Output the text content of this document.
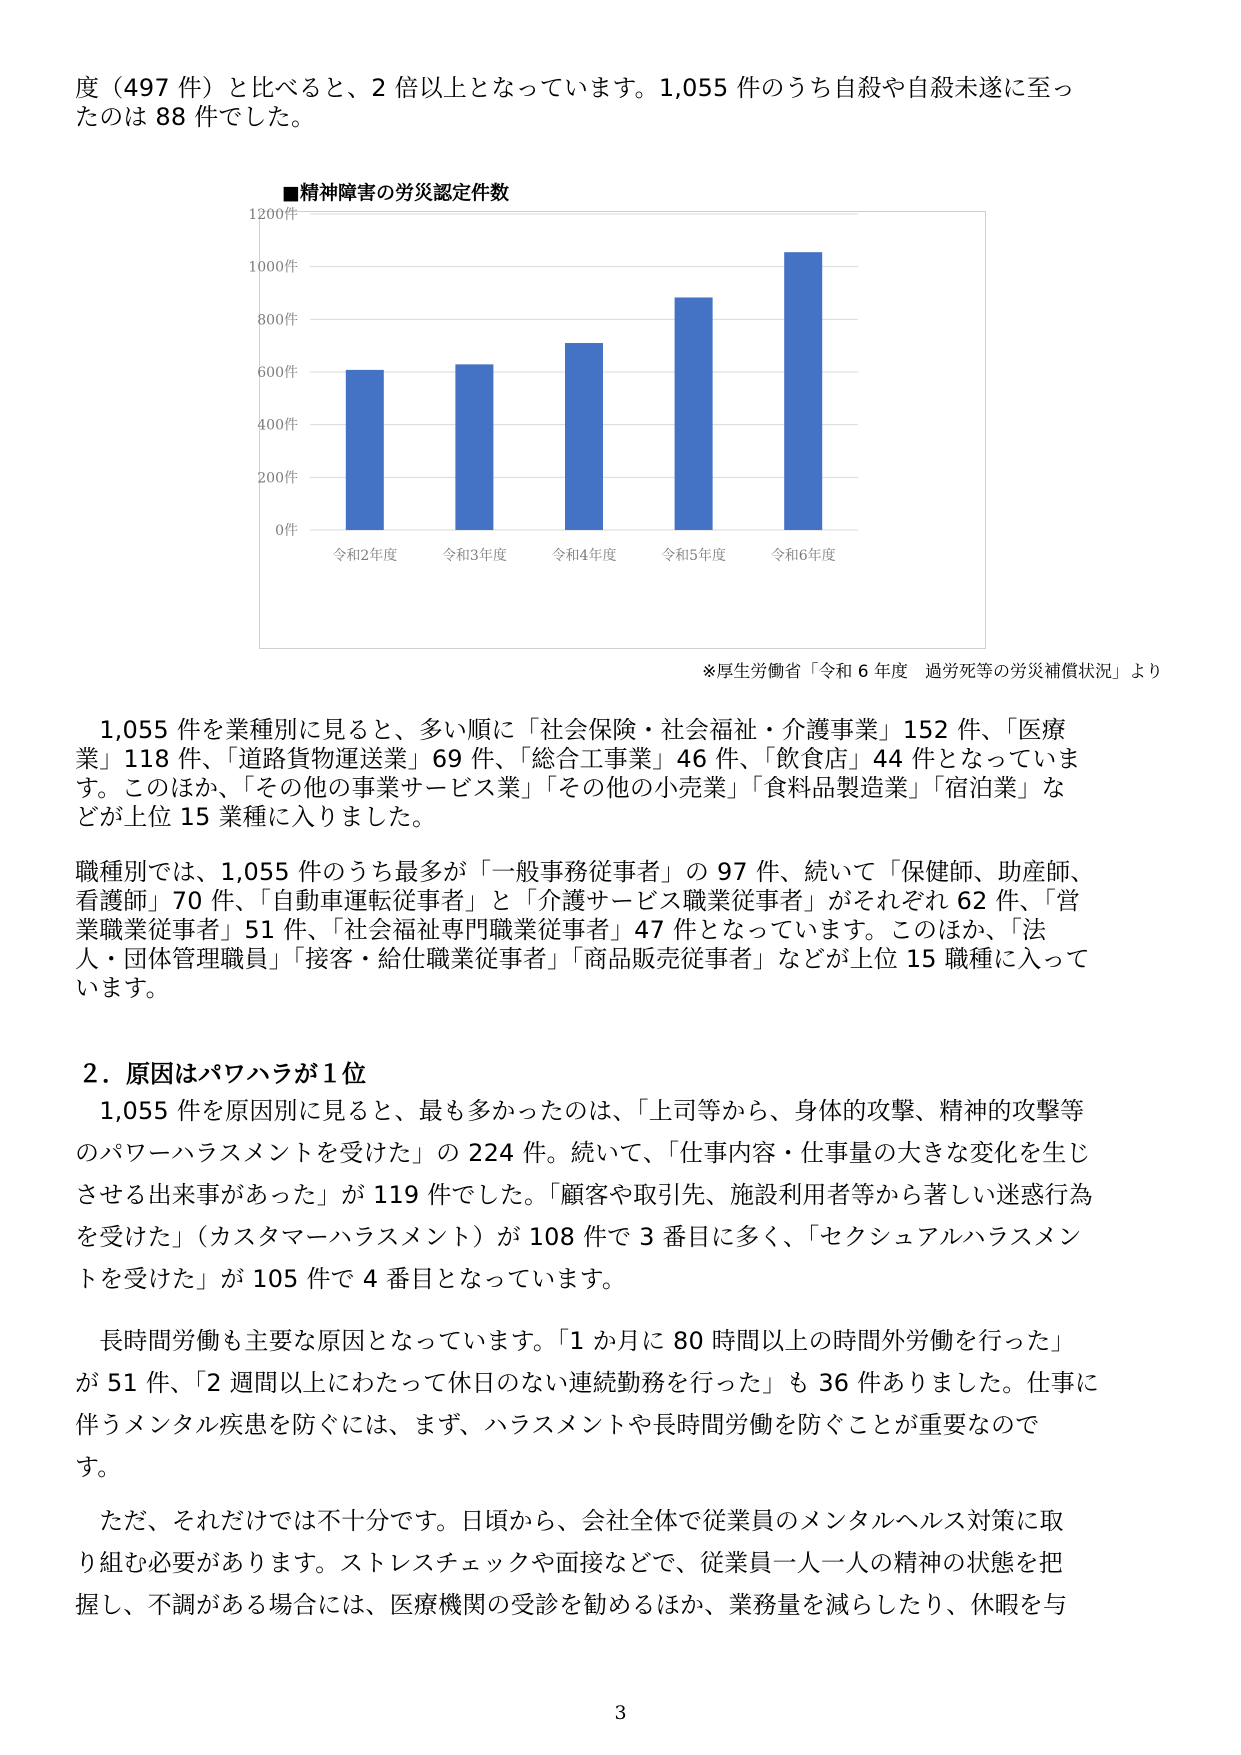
度（497 件）と比べると、2 倍以上となっています。1,055 件のうち自殺や自殺未遂に至っ
たのは 88 件でした。
■精神障害の労災認定件数
0件
200件
400件
600件
800件
1000件
1200件
令和2年度	令和3年度	令和4年度	令和5年度	令和6年度
※厚生労働省「令和 6 年度　過労死等の労災補償状況」より
　1,055 件を業種別に見ると、多い順に「社会保険・社会福祉・介護事業」152 件、「医療
業」118 件、「道路貨物運送業」69 件、「総合工事業」46 件、「飲食店」44 件となっていま
す。このほか、「その他の事業サービス業」「その他の小売業」「食料品製造業」「宿泊業」な
どが上位 15 業種に入りました。
職種別では、1,055 件のうち最多が「一般事務従事者」の 97 件、続いて「保健師、助産師、
看護師」70 件、「自動車運転従事者」と「介護サービス職業従事者」がそれぞれ 62 件、「営
業職業従事者」51 件、「社会福祉専門職業従事者」47 件となっています。このほか、「法
人・団体管理職員」「接客・給仕職業従事者」「商品販売従事者」などが上位 15 職種に入って
います。
２．原因はパワハラが１位
　1,055 件を原因別に見ると、最も多かったのは、「上司等から、身体的攻撃、精神的攻撃等
のパワーハラスメントを受けた」の 224 件。続いて、「仕事内容・仕事量の大きな変化を生じ
させる出来事があった」が 119 件でした。「顧客や取引先、施設利用者等から著しい迷惑行為
を受けた」（カスタマーハラスメント）が 108 件で 3 番目に多く、「セクシュアルハラスメン
トを受けた」が 105 件で 4 番目となっています。
　長時間労働も主要な原因となっています。「1 か月に 80 時間以上の時間外労働を行った」
が 51 件、「2 週間以上にわたって休日のない連続勤務を行った」も 36 件ありました。仕事に
伴うメンタル疾患を防ぐには、まず、ハラスメントや長時間労働を防ぐことが重要なので
す。
　ただ、それだけでは不十分です。日頃から、会社全体で従業員のメンタルヘルス対策に取
り組む必要があります。ストレスチェックや面接などで、従業員一人一人の精神の状態を把
握し、不調がある場合には、医療機関の受診を勧めるほか、業務量を減らしたり、休暇を与
3
